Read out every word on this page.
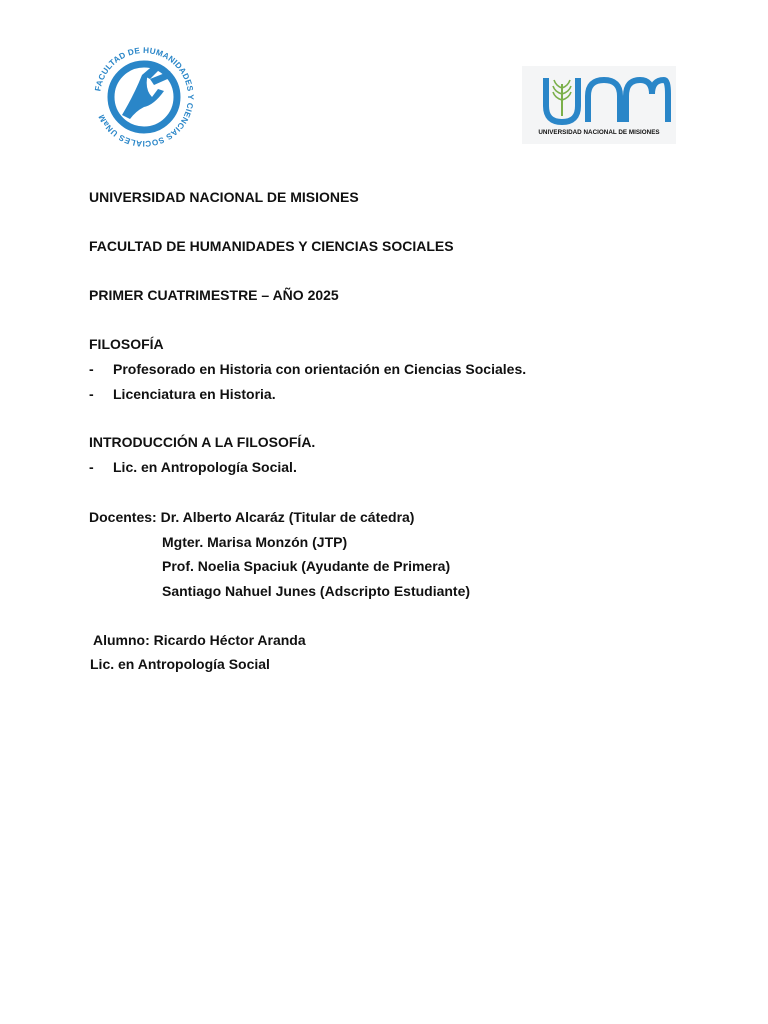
FACULTAD DE HUMANIDADES Y CIENCIAS SOCIALES UNaM
UNIVERSIDAD NACIONAL DE MISIONES

UNIVERSIDAD NACIONAL DE MISIONES

FACULTAD DE HUMANIDADES Y CIENCIAS SOCIALES

PRIMER CUATRIMESTRE – AÑO 2025

FILOSOFÍA

- Profesorado en Historia con orientación en Ciencias Sociales.
- Licenciatura en Historia.

INTRODUCCIÓN A LA FILOSOFÍA.

- Lic. en Antropología Social.

Docentes: Dr. Alberto Alcaráz (Titular de cátedra)

Mgter. Marisa Monzón (JTP)
Prof. Noelia Spaciuk (Ayudante de Primera)
Santiago Nahuel Junes (Adscripto Estudiante)

Alumno: Ricardo Héctor Aranda

Lic. en Antropología Social
